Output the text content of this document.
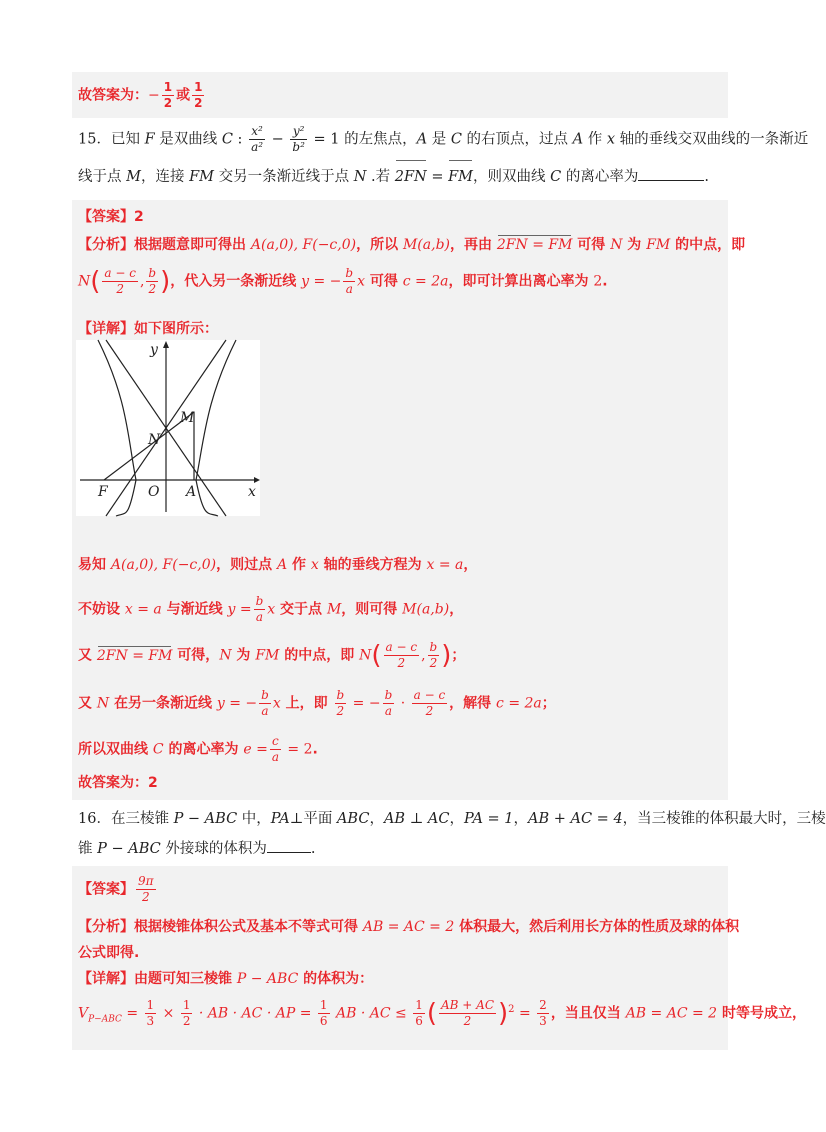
故答案为：− $\frac{1}{2}$ 或 $\frac{1}{2}$
15．已知 F 是双曲线 C : $\frac{\text{x²}}{\text{a²}} - \frac{\text{y²}}{\text{b²}} = 1$ 的左焦点，A 是 C 的右顶点，过点 A 作 x 轴的垂线交双曲线的一条渐近
线于点 M，连接 FM 交另一条渐近线于点 N .若 2FN = FM，则双曲线 C 的离心率为	.
【答案】2
【分析】根据题意即可得出 A(a,0), F(−c,0)，所以 M(a,b)，再由 2FN = FM 可得 N 为 FM 的中点，即
$N( \frac{a - c}{2}$ , $\frac{b}{2}$ )，代入另一条渐近线 y = − $\frac{b}{a}$ x 可得 c = 2a，即可计算出离心率为 2.
【详解】如下图所示：
y
x
M
N
F	O A
易知 A(a,0), F(−c,0)，则过点 A 作 x 轴的垂线方程为 x = a，
不妨设 x = a 与渐近线 $y = \frac{b}{a}$ x 交于点 M，则可得 M(a,b)，
又 2FN = FM 可得，N 为 FM 的中点，即 $N( \frac{a - c}{2}$ , $\frac{b}{2}$ )；
又 N 在另一条渐近线 y = − $\frac{b}{a}$ x 上，即 $\frac{b}{2}$ = − $\frac{b}{a} \cdot \frac{a - c}{2}$ ，解得 c = 2a；
所以双曲线 C 的离心率为 $e = \frac{c}{a} = 2$.
故答案为：2
16．在三棱锥 P − ABC 中，PA⊥平面 ABC，AB ⊥ AC，PA = 1，AB + AC = 4，当三棱锥的体积最大时，三棱
锥 P − ABC 外接球的体积为	.
【答案】 $\frac{9\pi}{2}$
【分析】根据棱锥体积公式及基本不等式可得 AB = AC = 2 体积最大，然后利用长方体的性质及球的体积
公式即得.
【详解】由题可知三棱锥 P − ABC 的体积为：
$V_{P-ABC} = \frac{1}{3} \times \frac{1}{2}$ · AB · AC · AP = $\frac{1}{6}$ AB · AC ≤ $\frac{1}{6}$ ( $\frac{AB + AC}{2} )^2 = \frac{2}{3}$ ，当且仅当 AB = AC = 2 时等号成立，
